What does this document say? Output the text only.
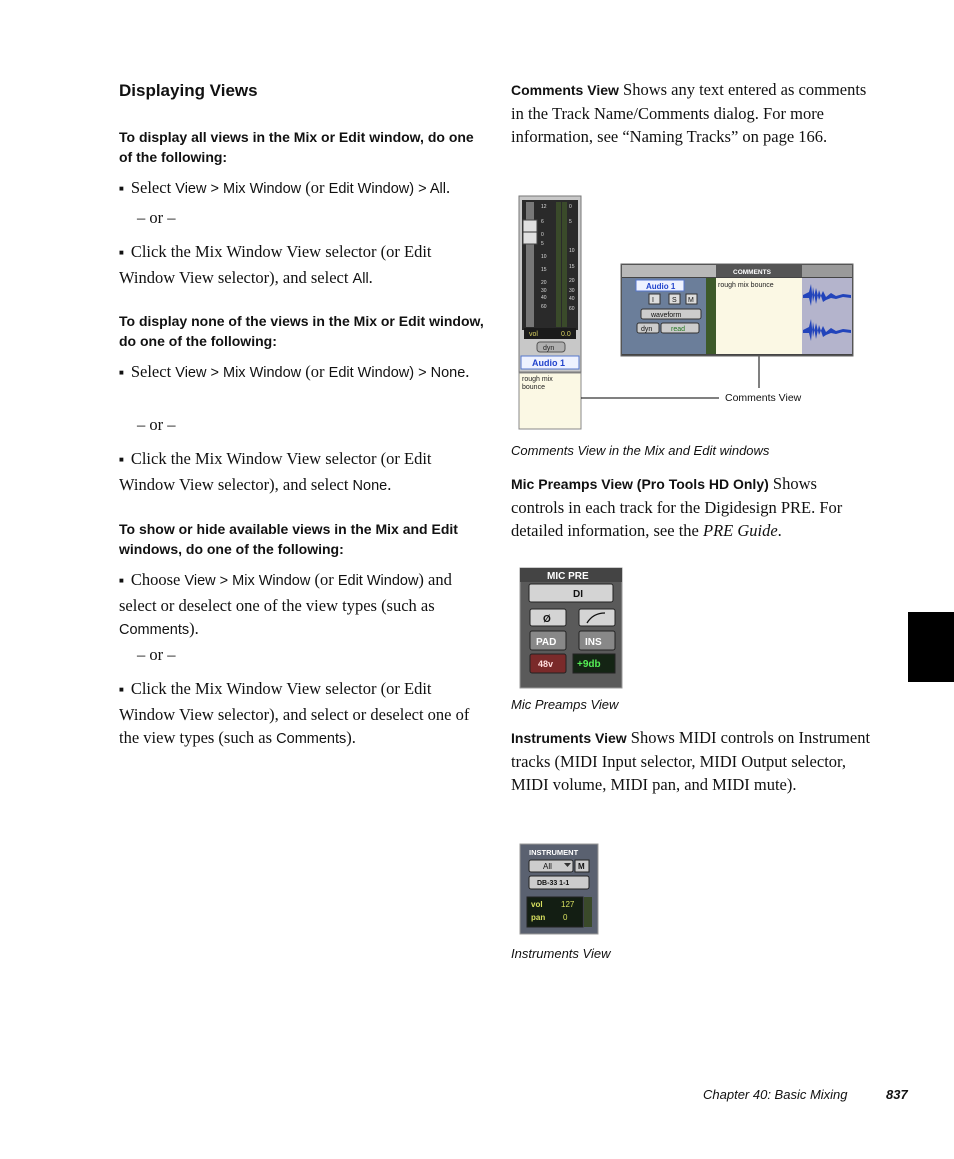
Displaying Views
To display all views in the Mix or Edit window, do one of the following:
■ Select View > Mix Window (or Edit Window) > All.
– or –
■ Click the Mix Window View selector (or Edit Window View selector), and select All.
To display none of the views in the Mix or Edit window, do one of the following:
■ Select View > Mix Window (or Edit Window) > None.
– or –
■ Click the Mix Window View selector (or Edit Window View selector), and select None.
To show or hide available views in the Mix and Edit windows, do one of the following:
■ Choose View > Mix Window (or Edit Window) and select or deselect one of the view types (such as Comments).
– or –
■ Click the Mix Window View selector (or Edit Window View selector), and select or deselect one of the view types (such as Comments).
Comments View Shows any text entered as comments in the Track Name/Comments dialog. For more information, see “Naming Tracks” on page 166.
12
6
0
5
10
15
20
30
40
60
0
5
10
15
20
30
40
60
vol	0.0
dyn
Audio 1
rough mix
bounce
Comments View
COMMENTS
Audio 1
I	S M
waveform
dyn	read
rough mix bounce
Comments View in the Mix and Edit windows
Mic Preamps View (Pro Tools HD Only) Shows controls in each track for the Digidesign PRE. For detailed information, see the PRE Guide.
MIC PRE
DI
Ø
PAD	INS
48v +9db
Mic Preamps View
Instruments View Shows MIDI controls on Instrument tracks (MIDI Input selector, MIDI Output selector, MIDI volume, MIDI pan, and MIDI mute).
INSTRUMENT
All	M
DB-33 1-1
vol 127
pan 0
Instruments View
Chapter 40: Basic Mixing	837
